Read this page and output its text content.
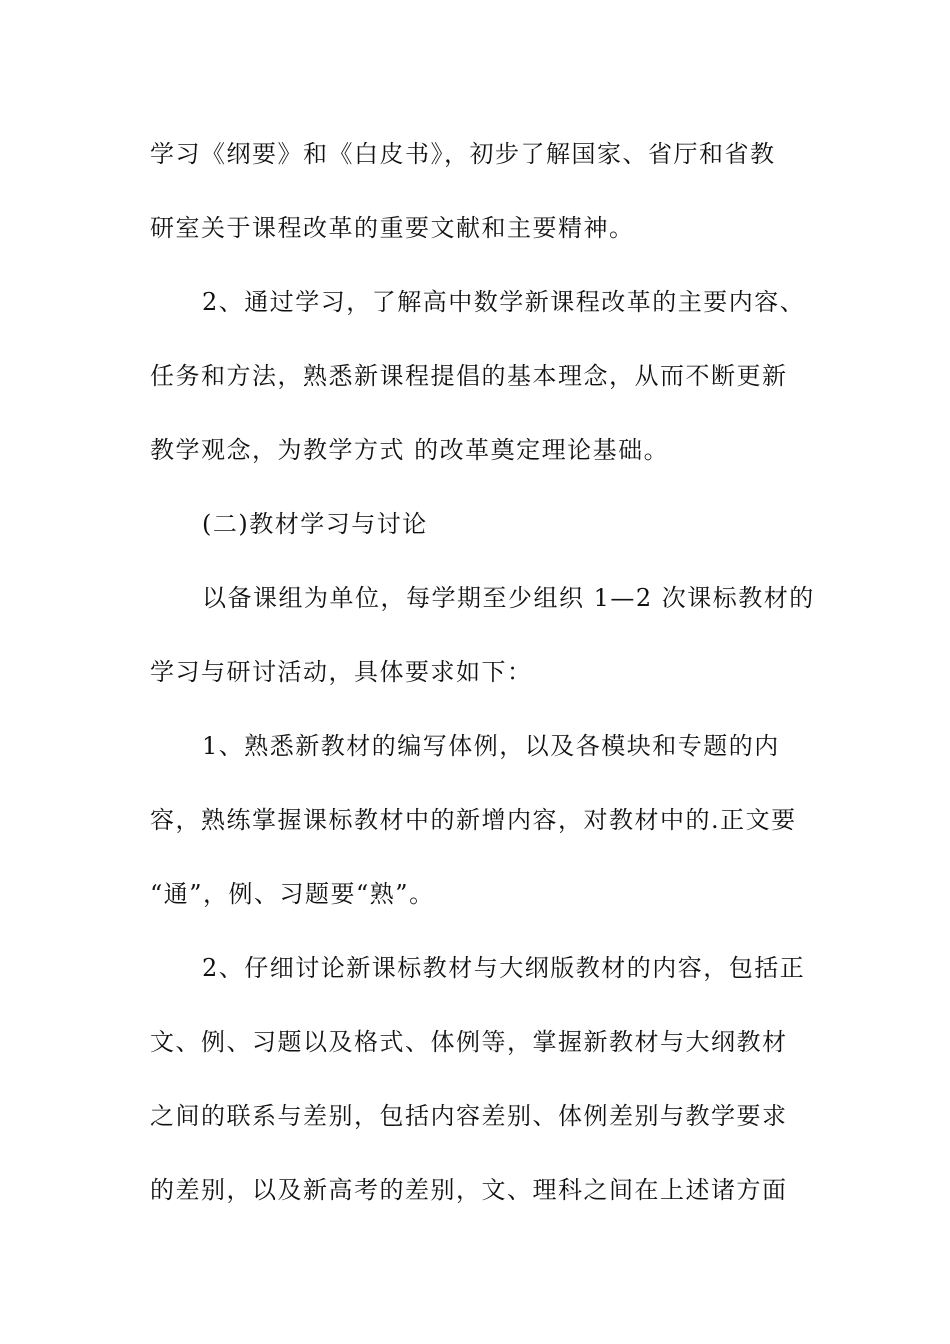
学习《纲要》和《白皮书》，初步了解国家、省厅和省教
研室关于课程改革的重要文献和主要精神。
2、通过学习，了解高中数学新课程改革的主要内容、
任务和方法，熟悉新课程提倡的基本理念，从而不断更新
教学观念，为教学方式 的改革奠定理论基础。
(二)教材学习与讨论
以备课组为单位，每学期至少组织 1—2 次课标教材的
学习与研讨活动，具体要求如下：
1、熟悉新教材的编写体例，以及各模块和专题的内
容，熟练掌握课标教材中的新增内容，对教材中的.正文要
“通”，例、习题要“熟”。
2、仔细讨论新课标教材与大纲版教材的内容，包括正
文、例、习题以及格式、体例等，掌握新教材与大纲教材
之间的联系与差别，包括内容差别、体例差别与教学要求
的差别，以及新高考的差别，文、理科之间在上述诸方面
